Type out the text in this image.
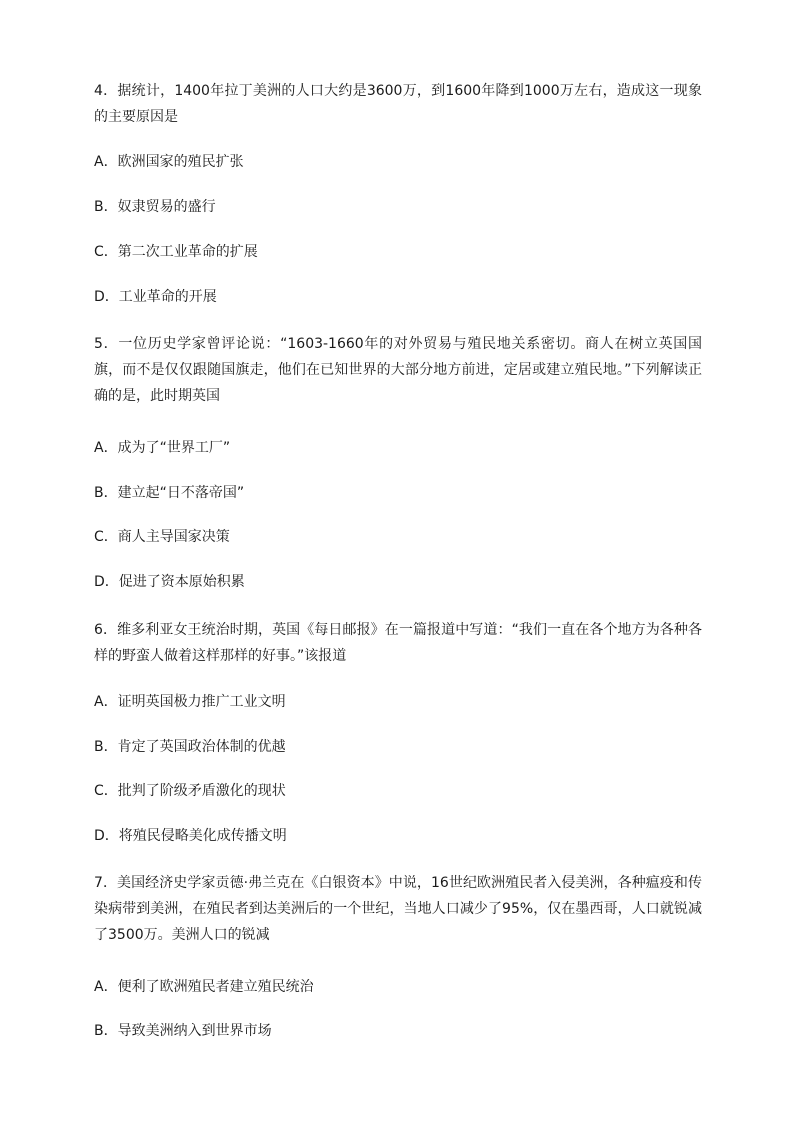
4．据统计，1400年拉丁美洲的人口大约是3600万，到1600年降到1000万左右，造成这一现象的主要原因是
A．欧洲国家的殖民扩张
B．奴隶贸易的盛行
C．第二次工业革命的扩展
D．工业革命的开展
5．一位历史学家曾评论说：“1603-1660年的对外贸易与殖民地关系密切。商人在树立英国国旗，而不是仅仅跟随国旗走，他们在已知世界的大部分地方前进，定居或建立殖民地。”下列解读正确的是，此时期英国
A．成为了“世界工厂”
B．建立起“日不落帝国”
C．商人主导国家决策
D．促进了资本原始积累
6．维多利亚女王统治时期，英国《每日邮报》在一篇报道中写道：“我们一直在各个地方为各种各样的野蛮人做着这样那样的好事。”该报道
A．证明英国极力推广工业文明
B．肯定了英国政治体制的优越
C．批判了阶级矛盾激化的现状
D．将殖民侵略美化成传播文明
7．美国经济史学家贡德·弗兰克在《白银资本》中说，16世纪欧洲殖民者入侵美洲，各种瘟疫和传染病带到美洲，在殖民者到达美洲后的一个世纪，当地人口减少了95%，仅在墨西哥，人口就锐减了3500万。美洲人口的锐减
A．便利了欧洲殖民者建立殖民统治
B．导致美洲纳入到世界市场
